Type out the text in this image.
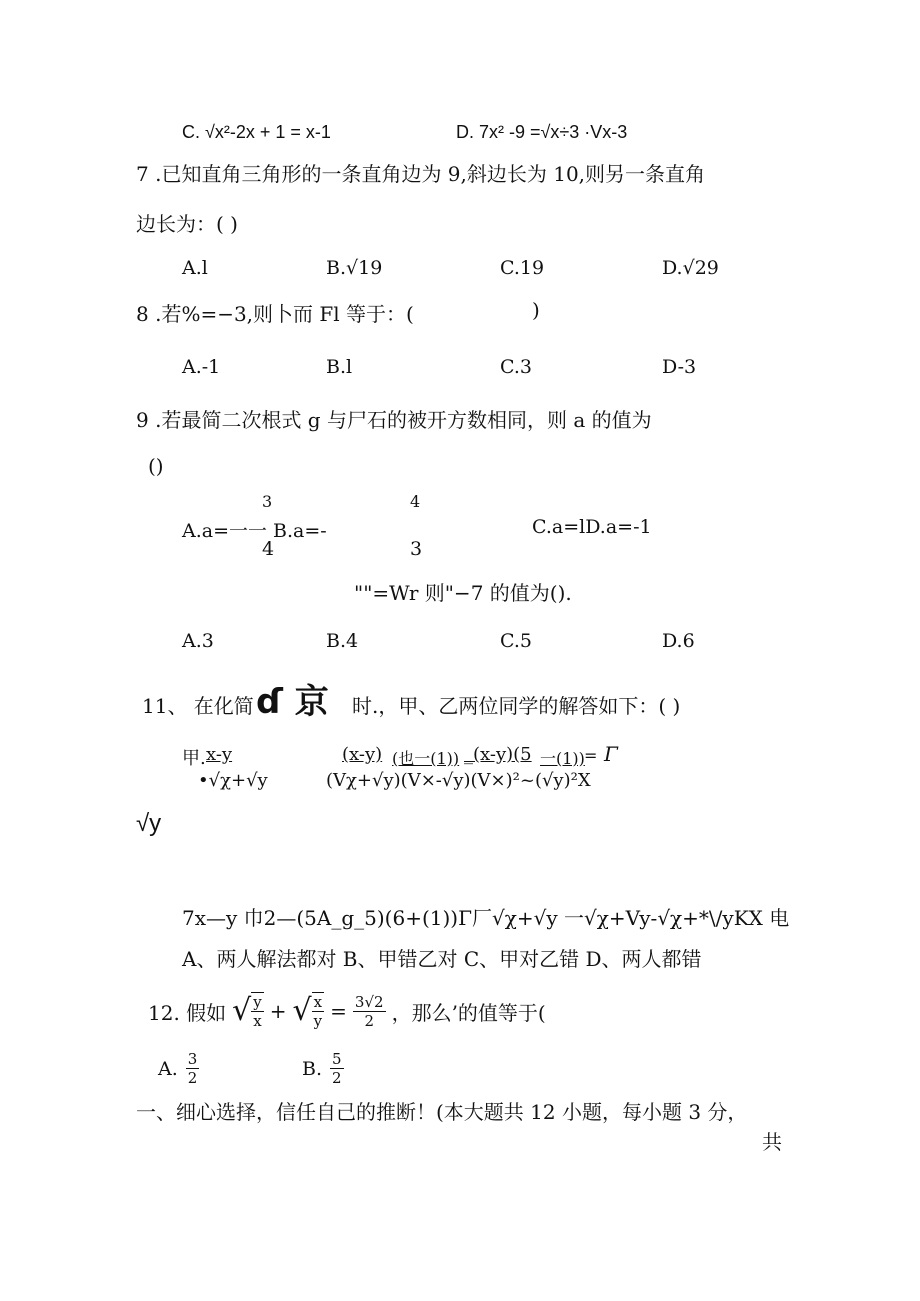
C. √x²-2x + 1 = x-1	D. 7x² -9 =√x÷3 ·Vx-3
7 .已知直角三角形的一条直角边为 9,斜边长为 10,则另一条直角
边长为：( )
A.l	B.√19	C.19	D.√29
8 .若%=−3,则卜而 Fl 等于：(	)
A.-1	B.l	C.3	D-3
9 .若最简二次根式 g 与尸石的被开方数相同，则 a 的值为
()
3
A.a=一一 B.a=-
4
4
3
C.a=lD.a=-1
""=Wr 则"−7 的值为().
A.3	B.4	C.5	D.6
11、 在化简 ɗ 京 时.，甲、乙两位同学的解答如下：( )
甲. x-y
•√χ+√y
(x-y) (也一(1)) _(x-y)(5 一(1)) = Γ
(Vχ+√y)(V×-√y)(V×)²~(√y)²X
√y
7x—y 巾2—(5A_g_5)(6+(1))Γ厂√χ+√y 一√χ+Vy-√χ+*\/yKX 电
A、两人解法都对 B、甲错乙对 C、甲对乙错 D、两人都错
12. 假如 √ $\frac{y}{x}$ + √ $\frac{x}{y} = \frac{3√2}{2}$ ，那么’的值等于(
A. $\frac{3}{2}$	B. $\frac{5}{2}$
一、细心选择，信任自己的推断！(本大题共 12 小题，每小题 3 分，
共
